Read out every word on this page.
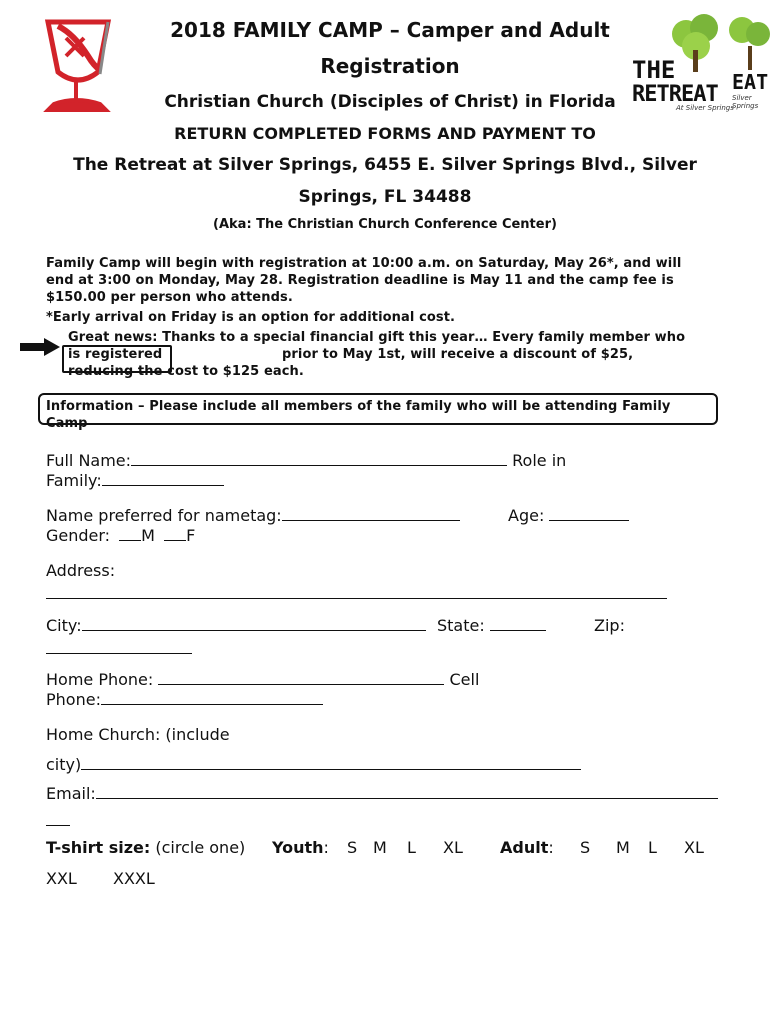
THE
RETREAT
At Silver Springs
EAT
Silver Springs
2018 FAMILY CAMP – Camper and Adult
Registration
Christian Church (Disciples of Christ) in Florida
RETURN COMPLETED FORMS AND PAYMENT TO
The Retreat at Silver Springs, 6455 E. Silver Springs Blvd., Silver
Springs, FL 34488
(Aka: The Christian Church Conference Center)
Family Camp will begin with registration at 10:00 a.m. on Saturday, May 26*, and will
end at 3:00 on Monday, May 28. Registration deadline is May 11 and the camp fee is
$150.00 per person who attends.
*Early arrival on Friday is an option for additional cost.
Great news: Thanks to a special financial gift this year… Every family member who
is registered	prior to May 1st, will receive a discount of $25,
reducing the cost to $125 each.
Information – Please include all members of the family who will be attending Family
Camp
Full Name:	Role in
Family:
Name preferred for nametag:	Age:
Gender: M F
Address:
City:	State:	Zip:
Home Phone:	Cell
Phone:
Home Church: (include
city)
Email:
T-shirt size: (circle one) Youth: S M L XL Adult: S M L XL
XXL XXXL
